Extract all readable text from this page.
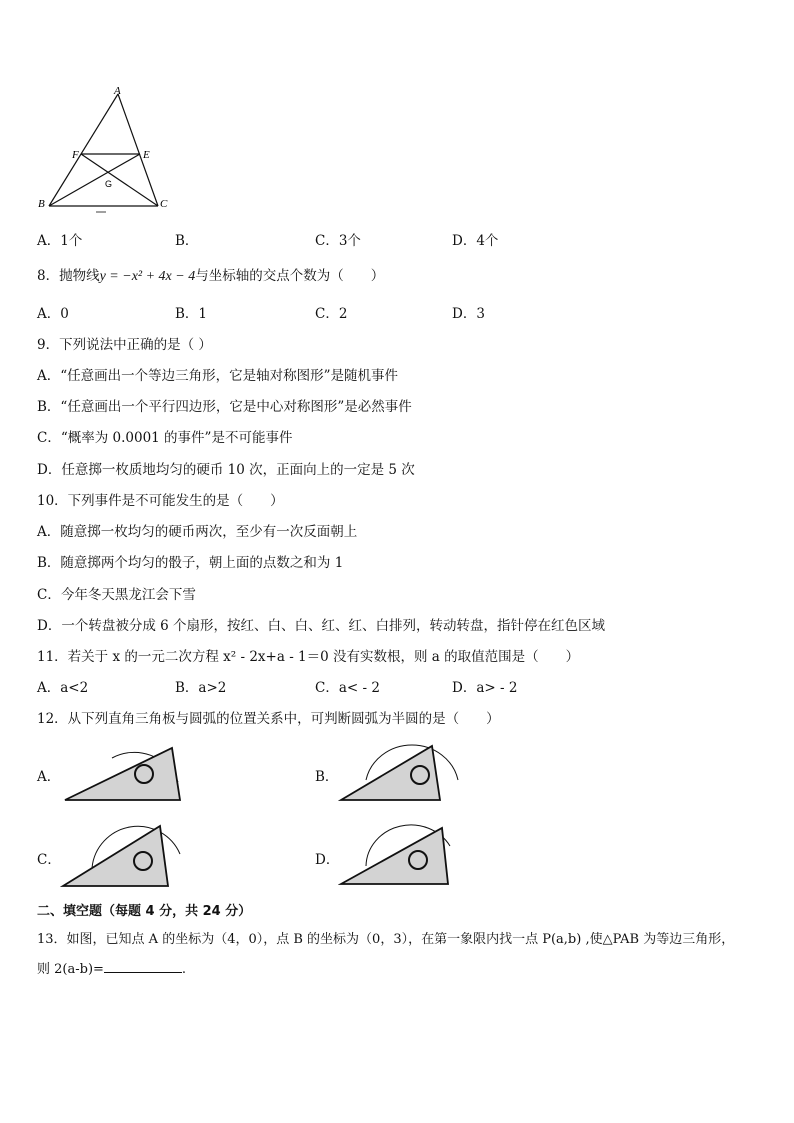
A
F	E
G
B	C
A．1个	B．	C．3个	D．4个
8．抛物线y = −x² + 4x − 4与坐标轴的交点个数为（　　）
A．0	B．1	C．2	D．3
9．下列说法中正确的是（ ）
A．“任意画出一个等边三角形，它是轴对称图形”是随机事件
B．“任意画出一个平行四边形，它是中心对称图形”是必然事件
C．“概率为 0.0001 的事件”是不可能事件
D．任意掷一枚质地均匀的硬币 10 次，正面向上的一定是 5 次
10．下列事件是不可能发生的是（　　）
A．随意掷一枚均匀的硬币两次，至少有一次反面朝上
B．随意掷两个均匀的骰子，朝上面的点数之和为 1
C．今年冬天黑龙江会下雪
D．一个转盘被分成 6 个扇形，按红、白、白、红、红、白排列，转动转盘，指针停在红色区域
11．若关于 x 的一元二次方程 x² - 2x+a - 1＝0 没有实数根，则 a 的取值范围是（　　）
A．a<2	B．a>2	C．a< - 2	D．a> - 2
12．从下列直角三角板与圆弧的位置关系中，可判断圆弧为半圆的是（　　）
A．	B．
C．	D．
二、填空题（每题 4 分，共 24 分）
13．如图，已知点 A 的坐标为（4，0），点 B 的坐标为（0，3），在第一象限内找一点 P(a,b) ,使△PAB 为等边三角形，
则 2(a-b)=	.
